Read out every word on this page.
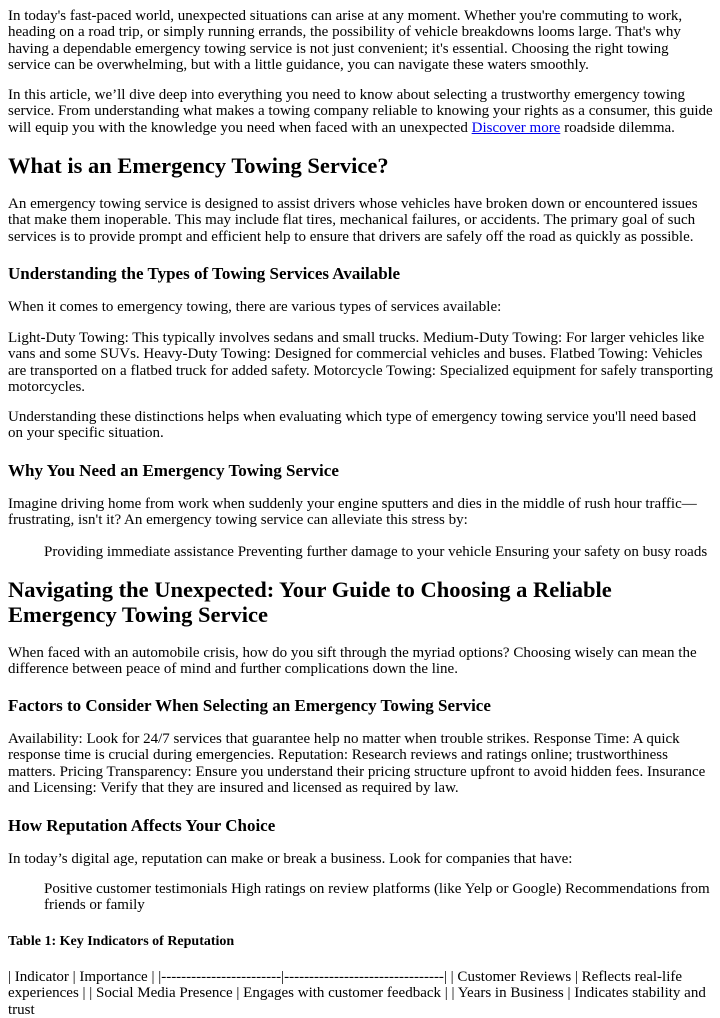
In today's fast-paced world, unexpected situations can arise at any moment. Whether you're commuting to work, heading on a road trip, or simply running errands, the possibility of vehicle breakdowns looms large. That's why having a dependable emergency towing service is not just convenient; it's essential. Choosing the right towing service can be overwhelming, but with a little guidance, you can navigate these waters smoothly.

In this article, we’ll dive deep into everything you need to know about selecting a trustworthy emergency towing service. From understanding what makes a towing company reliable to knowing your rights as a consumer, this guide will equip you with the knowledge you need when faced with an unexpected Discover more roadside dilemma.

What is an Emergency Towing Service?

An emergency towing service is designed to assist drivers whose vehicles have broken down or encountered issues that make them inoperable. This may include flat tires, mechanical failures, or accidents. The primary goal of such services is to provide prompt and efficient help to ensure that drivers are safely off the road as quickly as possible.

Understanding the Types of Towing Services Available

When it comes to emergency towing, there are various types of services available:

Light-Duty Towing: This typically involves sedans and small trucks. Medium-Duty Towing: For larger vehicles like vans and some SUVs. Heavy-Duty Towing: Designed for commercial vehicles and buses. Flatbed Towing: Vehicles are transported on a flatbed truck for added safety. Motorcycle Towing: Specialized equipment for safely transporting motorcycles.

Understanding these distinctions helps when evaluating which type of emergency towing service you'll need based on your specific situation.

Why You Need an Emergency Towing Service

Imagine driving home from work when suddenly your engine sputters and dies in the middle of rush hour traffic—frustrating, isn't it? An emergency towing service can alleviate this stress by:

Providing immediate assistance Preventing further damage to your vehicle Ensuring your safety on busy roads

Navigating the Unexpected: Your Guide to Choosing a Reliable Emergency Towing Service

When faced with an automobile crisis, how do you sift through the myriad options? Choosing wisely can mean the difference between peace of mind and further complications down the line.

Factors to Consider When Selecting an Emergency Towing Service

Availability: Look for 24/7 services that guarantee help no matter when trouble strikes. Response Time: A quick response time is crucial during emergencies. Reputation: Research reviews and ratings online; trustworthiness matters. Pricing Transparency: Ensure you understand their pricing structure upfront to avoid hidden fees. Insurance and Licensing: Verify that they are insured and licensed as required by law.

How Reputation Affects Your Choice

In today’s digital age, reputation can make or break a business. Look for companies that have:

Positive customer testimonials High ratings on review platforms (like Yelp or Google) Recommendations from friends or family

Table 1: Key Indicators of Reputation

| Indicator | Importance | |------------------------|--------------------------------| | Customer Reviews | Reflects real-life experiences | | Social Media Presence | Engages with customer feedback | | Years in Business | Indicates stability and trust
